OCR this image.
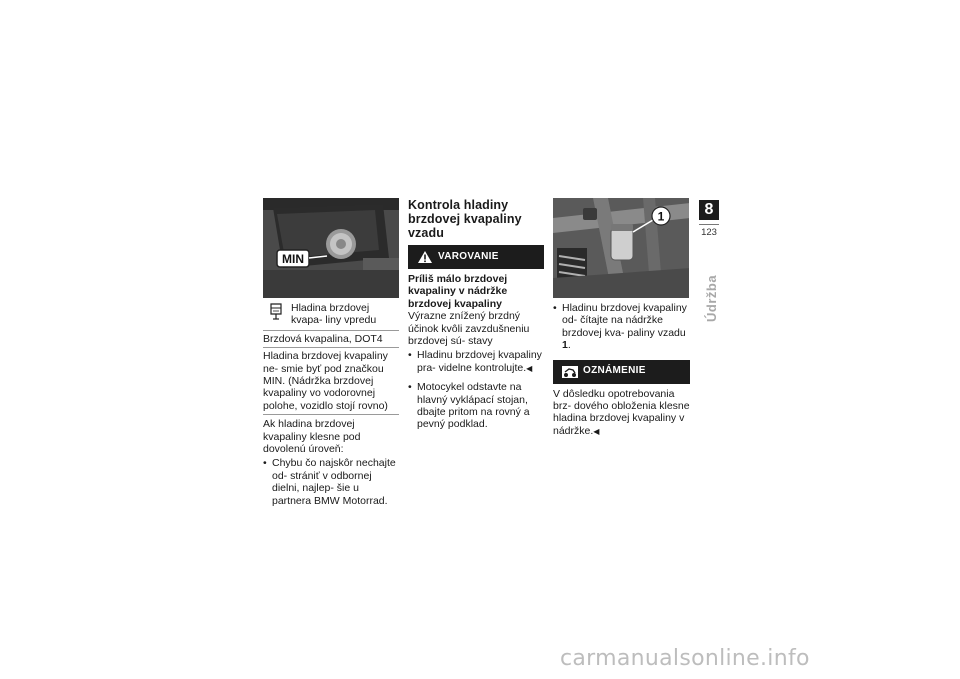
MIN
Hladina brzdovej kvapa- liny vpredu
Brzdová kvapalina, DOT4
Hladina brzdovej kvapaliny ne- smie byť pod značkou MIN. (Nádržka brzdovej kvapaliny vo vodorovnej polohe, vozidlo stojí rovno)

Ak hladina brzdovej kvapaliny klesne pod dovolenú úroveň:

• Chybu čo najskôr nechajte od- strániť v odbornej dielni, najlep- šie u partnera BMW Motorrad.
Kontrola hladiny brzdovej kvapaliny vzadu
VAROVANIE

Príliš málo brzdovej kvapaliny v nádržke brzdovej kvapaliny

Výrazne znížený brzdný účinok kvôli zavzdušneniu brzdovej sú- stavy

• Hladinu brzdovej kvapaliny pra- videlne kontrolujte.◀
• Motocykel odstavte na hlavný vyklápací stojan, dbajte pritom na rovný a pevný podklad.
1
• Hladinu brzdovej kvapaliny od- čítajte na nádržke brzdovej kva- paliny vzadu 1.
OZNÁMENIE

V dôsledku opotrebovania brz- dového obloženia klesne hladina brzdovej kvapaliny v nádržke.◀

8
123
Údržba
carmanualsonline.info
